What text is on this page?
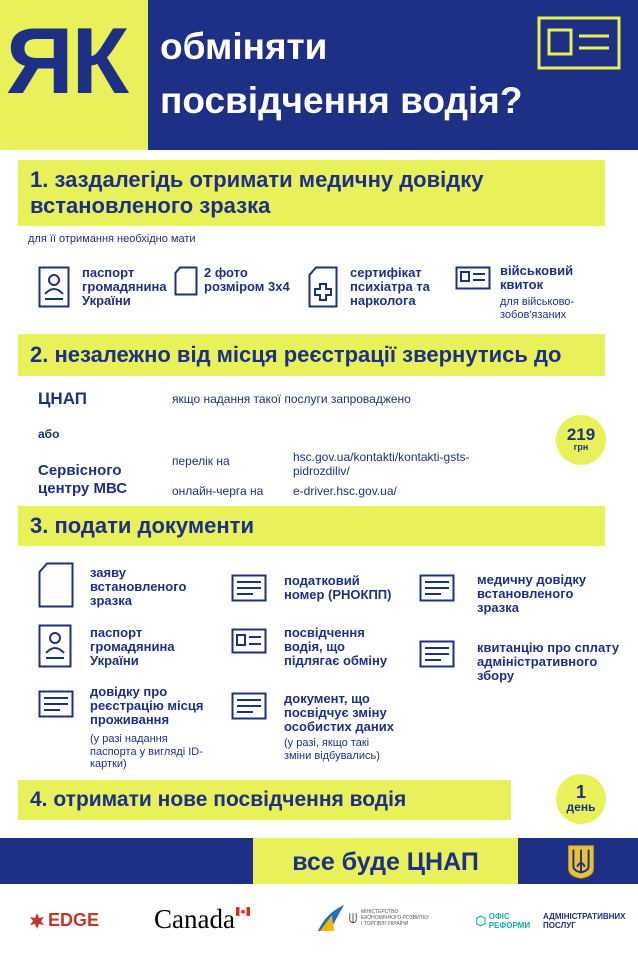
ЯК обміняти
посвідчення водія?
1. заздалегідь отримати медичну довідку
встановленого зразка
для її отримання необхідно мати
паспорт
громадянина
України
2 фото
розміром 3х4
сертифікат
психіатра та
нарколога
військовий
квиток
для військово-
зобов'язаних
2. незалежно від місця реєстрації звернутись до
ЦНАП	якщо надання такої послуги запроваджено
або
Сервісного
центру МВС
перелік на	hsc.gov.ua/kontakti/kontakti-gsts-
pidrozdiliv/
онлайн-черга на e-driver.hsc.gov.ua/
219
грн
3. подати документи
заяву
встановленого
зразка
податковий
номер (РНОКПП)
медичну довідку
встановленого
зразка
паспорт
громадянина
України
посвідчення
водія, що
підлягає обміну
квитанцію про сплату
адміністративного
збору
довідку про
реєстрацію місця
проживання
(у разі надання
паспорта у вигляді ID-
картки)
документ, що
посвідчує зміну
особистих даних
(у разі, якщо такі
зміни відбувались)
4. отримати нове посвідчення водія	1
день
все буде ЦНАП
EDGE Canada	МІНІСТЕРСТВО
ЕКОНОМІЧНОГО РОЗВИТКУ
І ТОРГІВЛІ УКРАЇНИ
ОФІС РЕФОРМИ
АДМІНІСТРАТИВНИХ ПОСЛУГ
